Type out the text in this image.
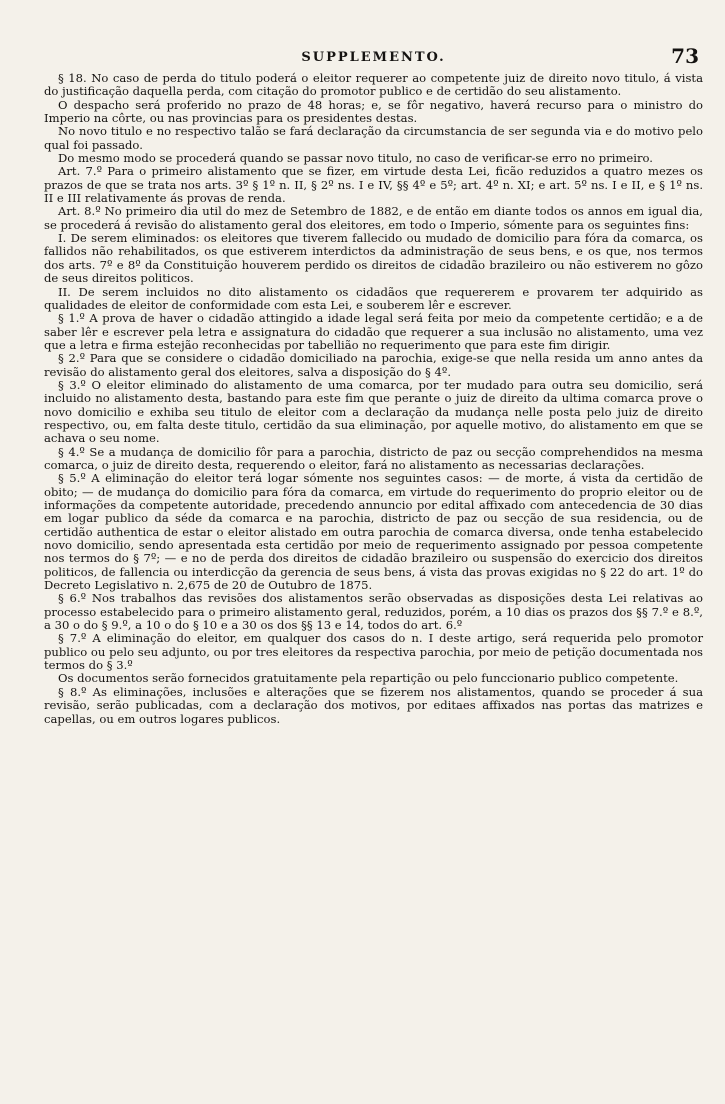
SUPPLEMENTO.	73

§ 18. No caso de perda do titulo poderá o eleitor requerer ao competente juiz de direito novo titulo, á vista do justificação daquella perda, com citação do promotor publico e de certidão do seu alistamento.

O despacho será proferido no prazo de 48 horas; e, se fôr negativo, haverá recurso para o ministro do Imperio na côrte, ou nas provincias para os presidentes destas.

No novo titulo e no respectivo talão se fará declaração da circumstancia de ser segunda via e do motivo pelo qual foi passado.

Do mesmo modo se procederá quando se passar novo titulo, no caso de verificar-se erro no primeiro.

Art. 7.º Para o primeiro alistamento que se fizer, em virtude desta Lei, ficão reduzidos a quatro mezes os prazos de que se trata nos arts. 3º § 1º n. II, § 2º ns. I e IV, §§ 4º e 5º; art. 4º n. XI; e art. 5º ns. I e II, e § 1º ns. II e III relativamente ás provas de renda.

Art. 8.º No primeiro dia util do mez de Setembro de 1882, e de então em diante todos os annos em igual dia, se procederá á revisão do alistamento geral dos eleitores, em todo o Imperio, sómente para os seguintes fins:

I. De serem eliminados: os eleitores que tiverem fallecido ou mudado de domicilio para fóra da comarca, os fallidos não rehabilitados, os que estiverem interdictos da administração de seus bens, e os que, nos termos dos arts. 7º e 8º da Constituição houverem perdido os direitos de cidadão brazileiro ou não estiverem no gôzo de seus direitos politicos.

II. De serem incluidos no dito alistamento os cidadãos que requererem e provarem ter adquirido as qualidades de eleitor de conformidade com esta Lei, e souberem lêr e escrever.

§ 1.º A prova de haver o cidadão attingido a idade legal será feita por meio da competente certidão; e a de saber lêr e escrever pela letra e assignatura do cidadão que requerer a sua inclusão no alistamento, uma vez que a letra e firma estejão reconhecidas por tabellião no requerimento que para este fim dirigir.

§ 2.º Para que se considere o cidadão domiciliado na parochia, exige-se que nella resida um anno antes da revisão do alistamento geral dos eleitores, salva a disposição do § 4º.

§ 3.º O eleitor eliminado do alistamento de uma comarca, por ter mudado para outra seu domicilio, será incluido no alistamento desta, bastando para este fim que perante o juiz de direito da ultima comarca prove o novo domicilio e exhiba seu titulo de eleitor com a declaração da mudança nelle posta pelo juiz de direito respectivo, ou, em falta deste titulo, certidão da sua eliminação, por aquelle motivo, do alistamento em que se achava o seu nome.

§ 4.º Se a mudança de domicilio fôr para a parochia, districto de paz ou secção comprehendidos na mesma comarca, o juiz de direito desta, requerendo o eleitor, fará no alistamento as necessarias declarações.

§ 5.º A eliminação do eleitor terá logar sómente nos seguintes casos: — de morte, á vista da certidão de obito; — de mudança do domicilio para fóra da comarca, em virtude do requerimento do proprio eleitor ou de informações da competente autoridade, precedendo annuncio por edital affixado com antecedencia de 30 dias em logar publico da séde da comarca e na parochia, districto de paz ou secção de sua residencia, ou de certidão authentica de estar o eleitor alistado em outra parochia de comarca diversa, onde tenha estabelecido novo domicilio, sendo apresentada esta certidão por meio de requerimento assignado por pessoa competente nos termos do § 7º; — e no de perda dos direitos de cidadão brazileiro ou suspensão do exercicio dos direitos politicos, de fallencia ou interdicção da gerencia de seus bens, á vista das provas exigidas no § 22 do art. 1º do Decreto Legislativo n. 2,675 de 20 de Outubro de 1875.

§ 6.º Nos trabalhos das revisões dos alistamentos serão observadas as disposições desta Lei relativas ao processo estabelecido para o primeiro alistamento geral, reduzidos, porém, a 10 dias os prazos dos §§ 7.º e 8.º, a 30 o do § 9.º, a 10 o do § 10 e a 30 os dos §§ 13 e 14, todos do art. 6.º

§ 7.º A eliminação do eleitor, em qualquer dos casos do n. I deste artigo, será requerida pelo promotor publico ou pelo seu adjunto, ou por tres eleitores da respectiva parochia, por meio de petição documentada nos termos do § 3.º

Os documentos serão fornecidos gratuitamente pela repartição ou pelo funccionario publico competente.

§ 8.º As eliminações, inclusões e alterações que se fizerem nos alistamentos, quando se proceder á sua revisão, serão publicadas, com a declaração dos motivos, por editaes affixados nas portas das matrizes e capellas, ou em outros logares publicos.
